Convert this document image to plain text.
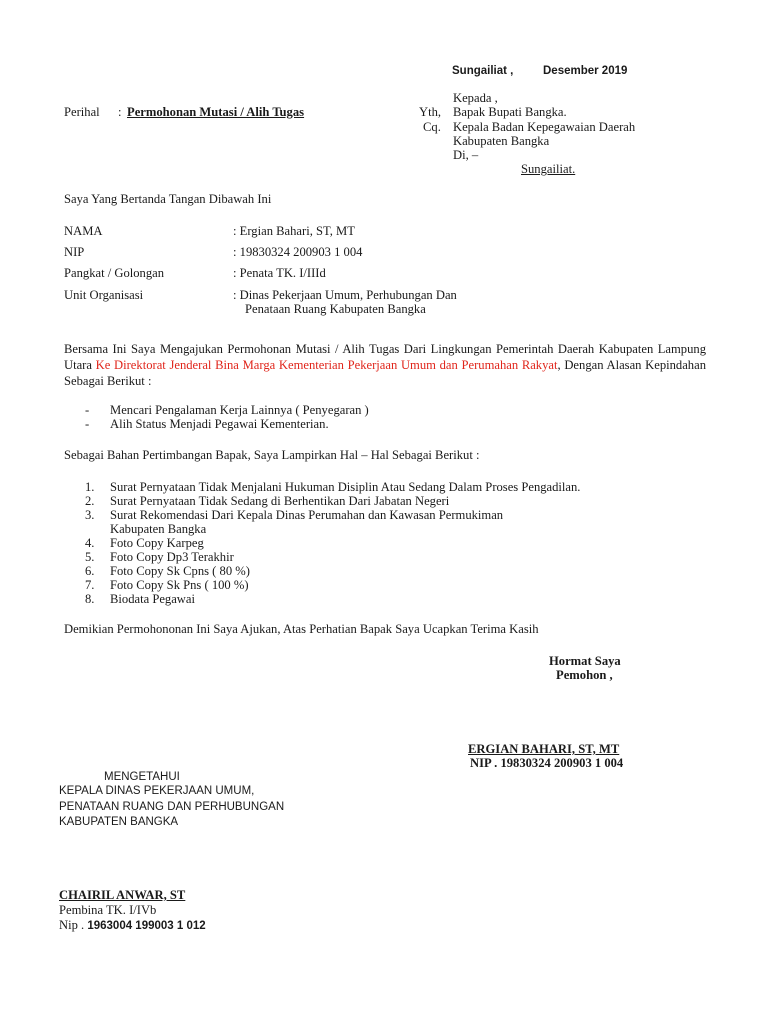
Sungailiat ,	Desember 2019
Kepada ,
Yth, Bapak Bupati Bangka.
Cq. Kepala Badan Kepegawaian Daerah
Kabupaten Bangka
Di, –
Sungailiat.
Perihal : Permohonan Mutasi / Alih Tugas
Saya Yang Bertanda Tangan Dibawah Ini
NAMA	: Ergian Bahari, ST, MT
NIP	: 19830324 200903 1 004
Pangkat / Golongan	: Penata TK. I/IIId
Unit Organisasi	: Dinas Pekerjaan Umum, Perhubungan Dan
Penataan Ruang Kabupaten Bangka
Bersama Ini Saya Mengajukan Permohonan Mutasi / Alih Tugas Dari Lingkungan Pemerintah Daerah Kabupaten Lampung Utara Ke Direktorat Jenderal Bina Marga Kementerian Pekerjaan Umum dan Perumahan Rakyat, Dengan Alasan Kepindahan Sebagai Berikut :
- Mencari Pengalaman Kerja Lainnya ( Penyegaran )
- Alih Status Menjadi Pegawai Kementerian.
Sebagai Bahan Pertimbangan Bapak, Saya Lampirkan Hal – Hal Sebagai Berikut :
1. Surat Pernyataan Tidak Menjalani Hukuman Disiplin Atau Sedang Dalam Proses Pengadilan.
2. Surat Pernyataan Tidak Sedang di Berhentikan Dari Jabatan Negeri
3. Surat Rekomendasi Dari Kepala Dinas Perumahan dan Kawasan Permukiman
Kabupaten Bangka
4. Foto Copy Karpeg
5. Foto Copy Dp3 Terakhir
6. Foto Copy Sk Cpns ( 80 %)
7. Foto Copy Sk Pns ( 100 %)
8. Biodata Pegawai
Demikian Permohononan Ini Saya Ajukan, Atas Perhatian Bapak Saya Ucapkan Terima Kasih
Hormat Saya
Pemohon ,
ERGIAN BAHARI, ST, MT
NIP . 19830324 200903 1 004
MENGETAHUI
KEPALA DINAS PEKERJAAN UMUM,
PENATAAN RUANG DAN PERHUBUNGAN
KABUPATEN BANGKA
CHAIRIL ANWAR, ST
Pembina TK. I/IVb
Nip . 1963004 199003 1 012
